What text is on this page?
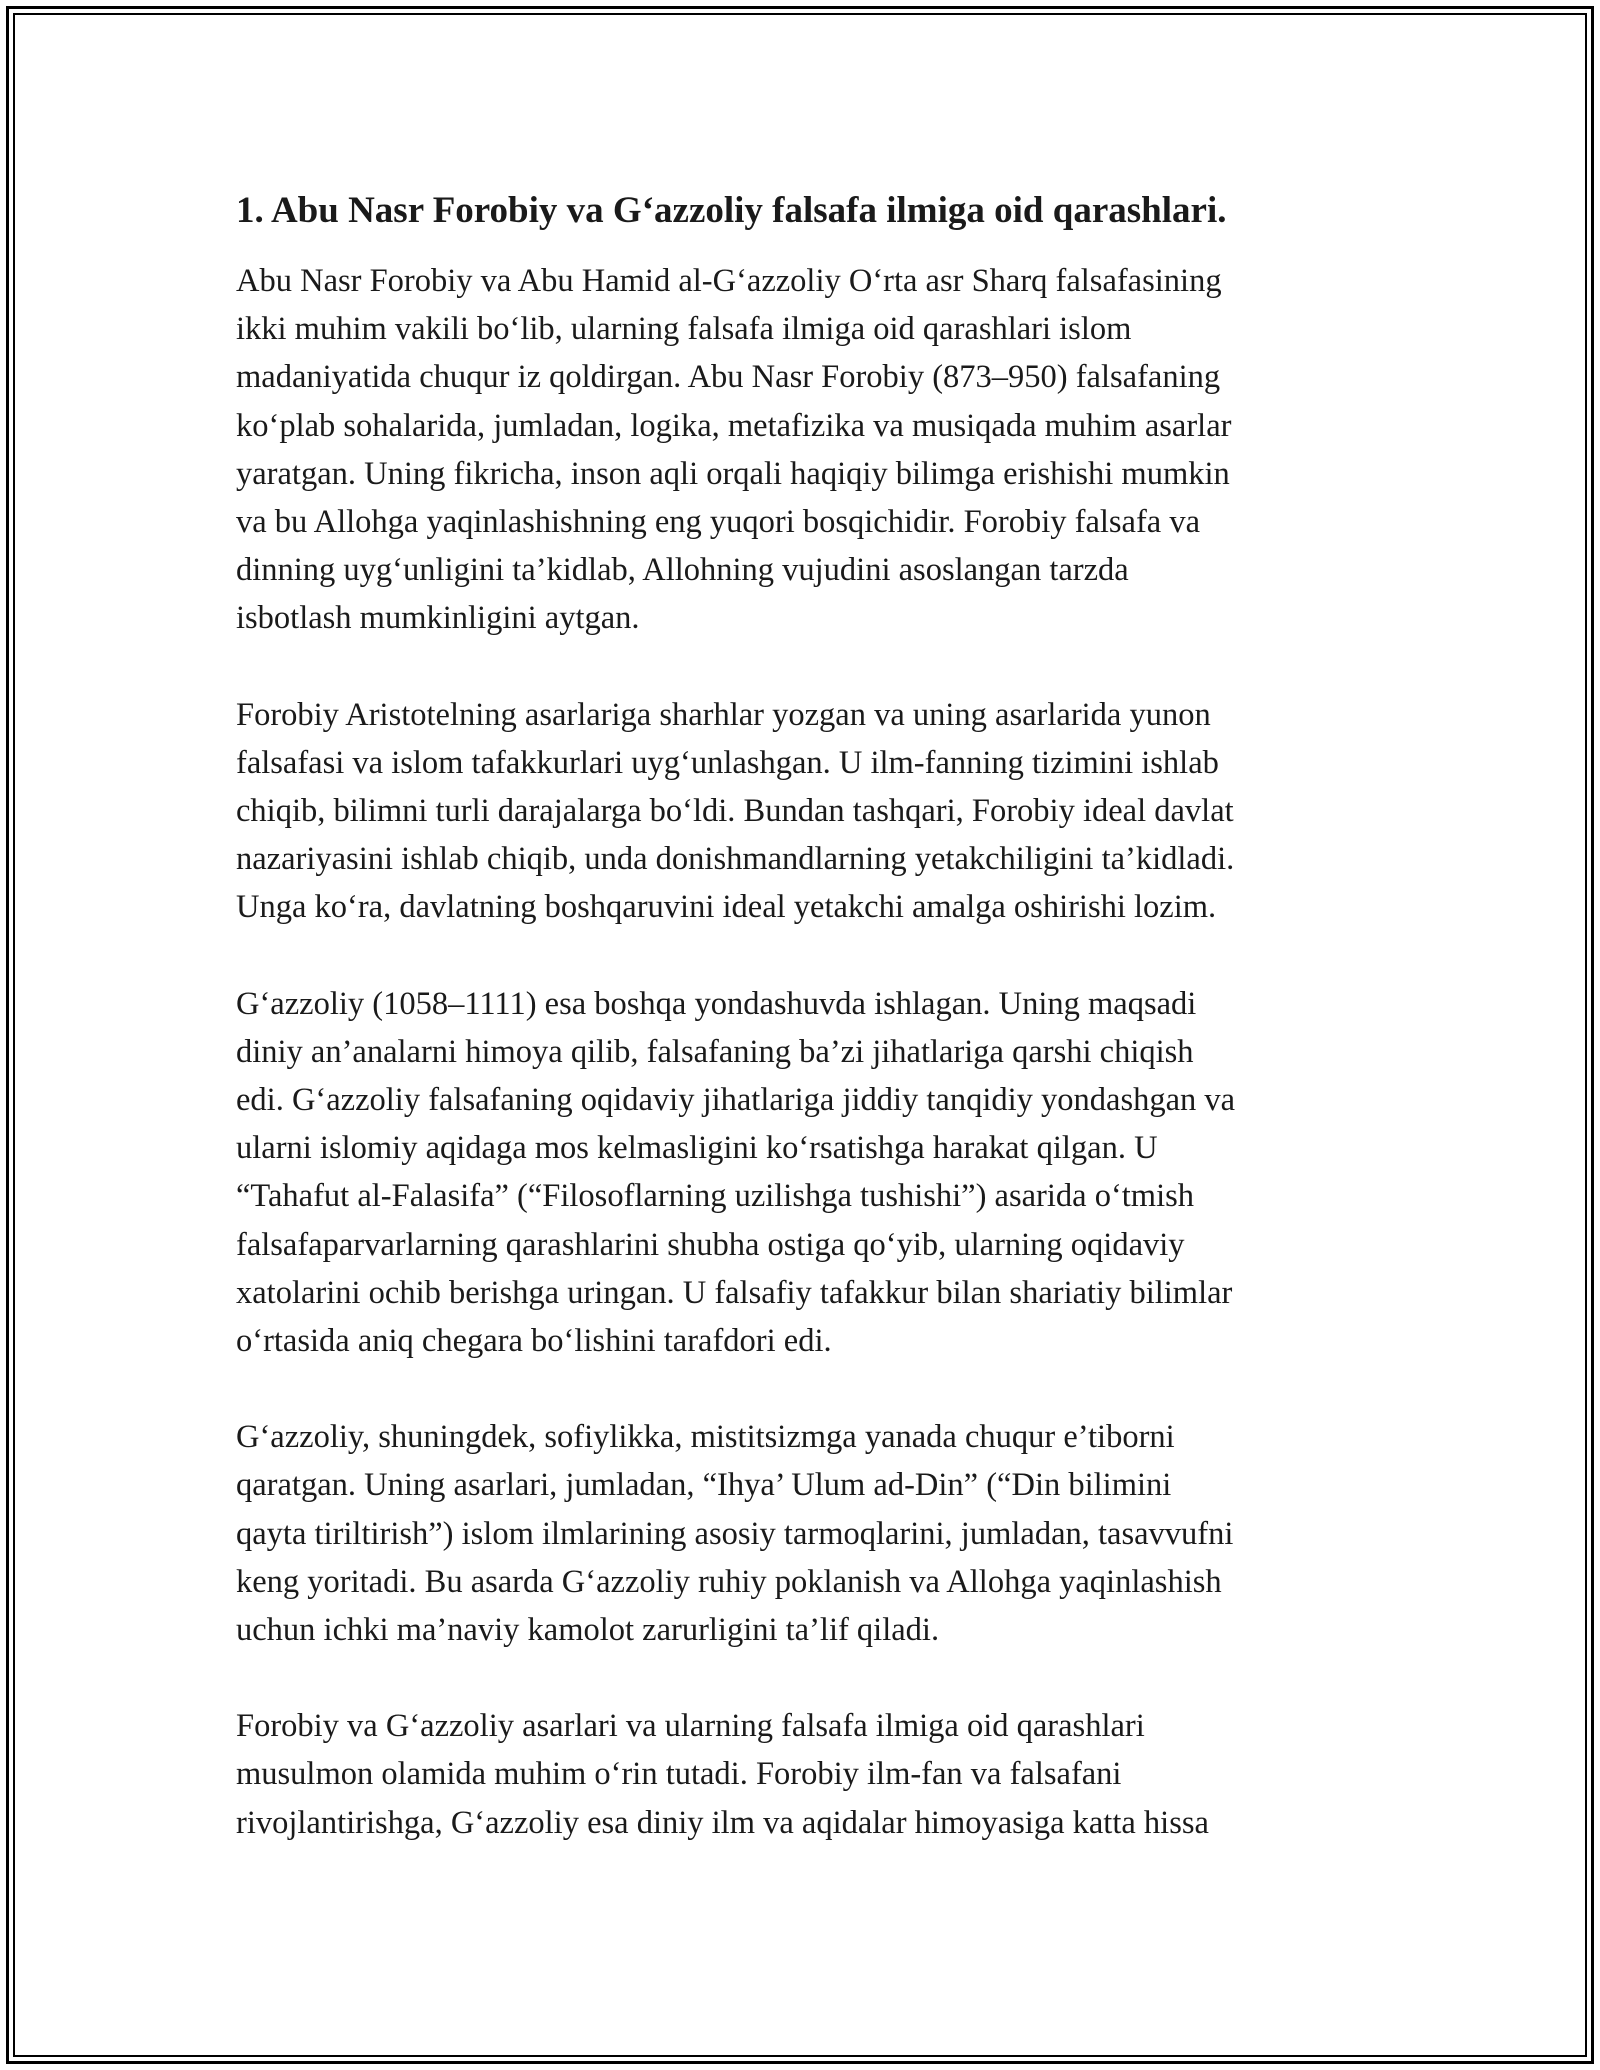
1. Abu Nasr Forobiy va G‘azzoliy falsafa ilmiga oid qarashlari.

Abu Nasr Forobiy va Abu Hamid al-G‘azzoliy O‘rta asr Sharq falsafasining
ikki muhim vakili bo‘lib, ularning falsafa ilmiga oid qarashlari islom
madaniyatida chuqur iz qoldirgan. Abu Nasr Forobiy (873–950) falsafaning
ko‘plab sohalarida, jumladan, logika, metafizika va musiqada muhim asarlar
yaratgan. Uning fikricha, inson aqli orqali haqiqiy bilimga erishishi mumkin
va bu Allohga yaqinlashishning eng yuqori bosqichidir. Forobiy falsafa va
dinning uyg‘unligini ta’kidlab, Allohning vujudini asoslangan tarzda
isbotlash mumkinligini aytgan.

Forobiy Aristotelning asarlariga sharhlar yozgan va uning asarlarida yunon
falsafasi va islom tafakkurlari uyg‘unlashgan. U ilm-fanning tizimini ishlab
chiqib, bilimni turli darajalarga bo‘ldi. Bundan tashqari, Forobiy ideal davlat
nazariyasini ishlab chiqib, unda donishmandlarning yetakchiligini ta’kidladi.
Unga ko‘ra, davlatning boshqaruvini ideal yetakchi amalga oshirishi lozim.

G‘azzoliy (1058–1111) esa boshqa yondashuvda ishlagan. Uning maqsadi
diniy an’analarni himoya qilib, falsafaning ba’zi jihatlariga qarshi chiqish
edi. G‘azzoliy falsafaning oqidaviy jihatlariga jiddiy tanqidiy yondashgan va
ularni islomiy aqidaga mos kelmasligini ko‘rsatishga harakat qilgan. U
“Tahafut al-Falasifa” (“Filosoflarning uzilishga tushishi”) asarida o‘tmish
falsafaparvarlarning qarashlarini shubha ostiga qo‘yib, ularning oqidaviy
xatolarini ochib berishga uringan. U falsafiy tafakkur bilan shariatiy bilimlar
o‘rtasida aniq chegara bo‘lishini tarafdori edi.

G‘azzoliy, shuningdek, sofiylikka, mistitsizmga yanada chuqur e’tiborni
qaratgan. Uning asarlari, jumladan, “Ihya’ Ulum ad-Din” (“Din bilimini
qayta tiriltirish”) islom ilmlarining asosiy tarmoqlarini, jumladan, tasavvufni
keng yoritadi. Bu asarda G‘azzoliy ruhiy poklanish va Allohga yaqinlashish
uchun ichki ma’naviy kamolot zarurligini ta’lif qiladi.

Forobiy va G‘azzoliy asarlari va ularning falsafa ilmiga oid qarashlari
musulmon olamida muhim o‘rin tutadi. Forobiy ilm-fan va falsafani
rivojlantirishga, G‘azzoliy esa diniy ilm va aqidalar himoyasiga katta hissa
